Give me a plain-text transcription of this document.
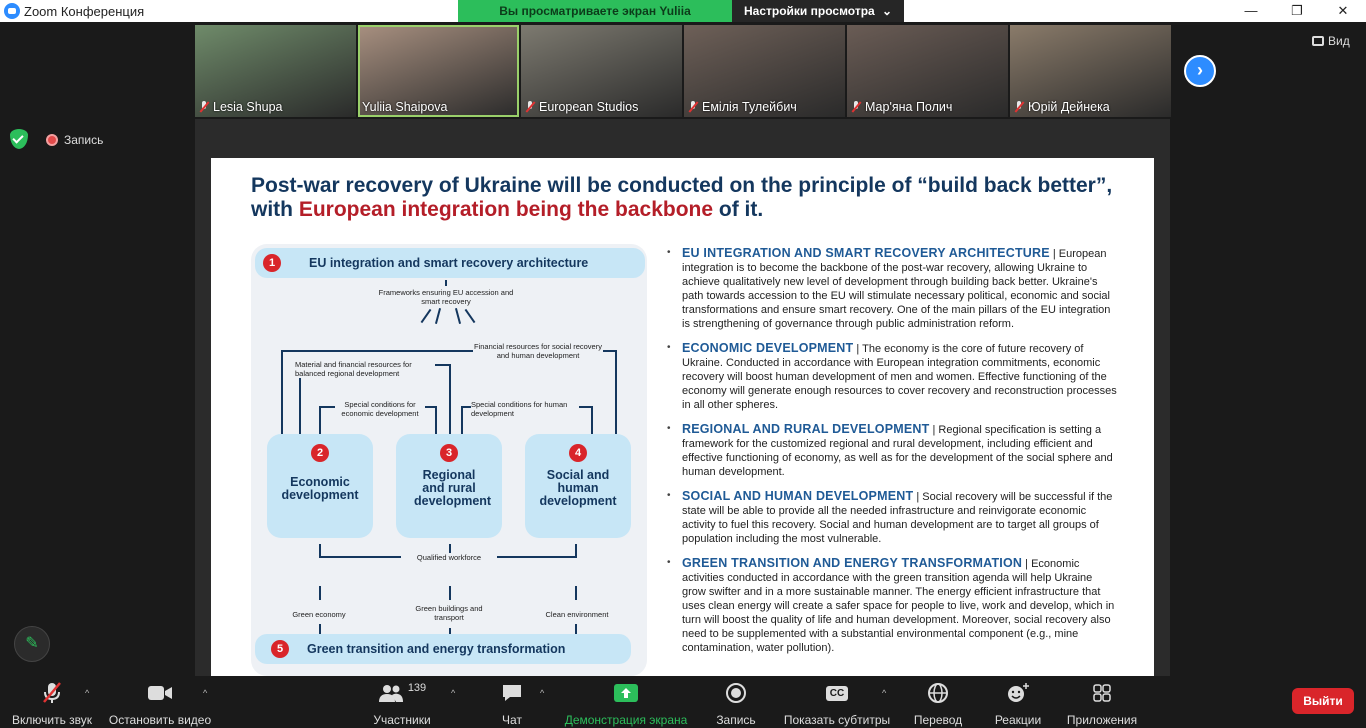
Zoom Конференция	—	❐	✕
Вы просматриваете экран Yuliia	Настройки просмотра ⌄
Lesia Shupa	Yuliia Shaipova	European Studios	Емілія Тулейбич	Мар'яна Полич	Юрій Дейнека
›
Вид
Запись
Post-war recovery of Ukraine will be conducted on the principle of “build back better”, with European integration being the backbone of it.
1	EU integration and smart recovery architecture
Frameworks ensuring EU accession and smart recovery
Financial resources for social recovery and human development
Material and financial resources for balanced regional development
Special conditions for economic development
Special conditions for human development
2
Economic development
3
Regional and rural development
4
Social and human development
Qualified workforce
Green economy
Green buildings and transport	Clean environment
5	Green transition and energy transformation
• EU INTEGRATION AND SMART RECOVERY ARCHITECTURE | European integration is to become the backbone of the post-war recovery, allowing Ukraine to achieve qualitatively new level of development through building back better. Ukraine's path towards accession to the EU will stimulate necessary political, economic and social transformations and ensure smart recovery. One of the main pillars of the EU integration is strengthening of governance through public administration reform.
• ECONOMIC DEVELOPMENT | The economy is the core of future recovery of Ukraine. Conducted in accordance with European integration commitments, economic recovery will boost human development of men and women. Effective functioning of the economy will generate enough resources to cover recovery and reconstruction processes in all other spheres.
• REGIONAL AND RURAL DEVELOPMENT | Regional specification is setting a framework for the customized regional and rural development, including efficient and effective functioning of economy, as well as for the development of the social sphere and human development.
• SOCIAL AND HUMAN DEVELOPMENT | Social recovery will be successful if the state will be able to provide all the needed infrastructure and reinvigorate economic activity to fuel this recovery. Social and human development are to target all groups of population including the most vulnerable.
• GREEN TRANSITION AND ENERGY TRANSFORMATION | Economic activities conducted in accordance with the green transition agenda will help Ukraine grow swifter and in a more sustainable manner. The energy efficient infrastructure that uses clean energy will create a safer space for people to live, work and develop, which in turn will boost the quality of life and human development. Moreover, social recovery also need to be supplemented with a substantial environmental component (e.g., mine contamination, water pollution).
✎
Включить звук
^
Остановить видео
^	139
Участники
^
Чат
^
Демонстрация экрана	Запись
CC
Показать субтитры
^
Перевод	Реакции	Приложения
Выйти
